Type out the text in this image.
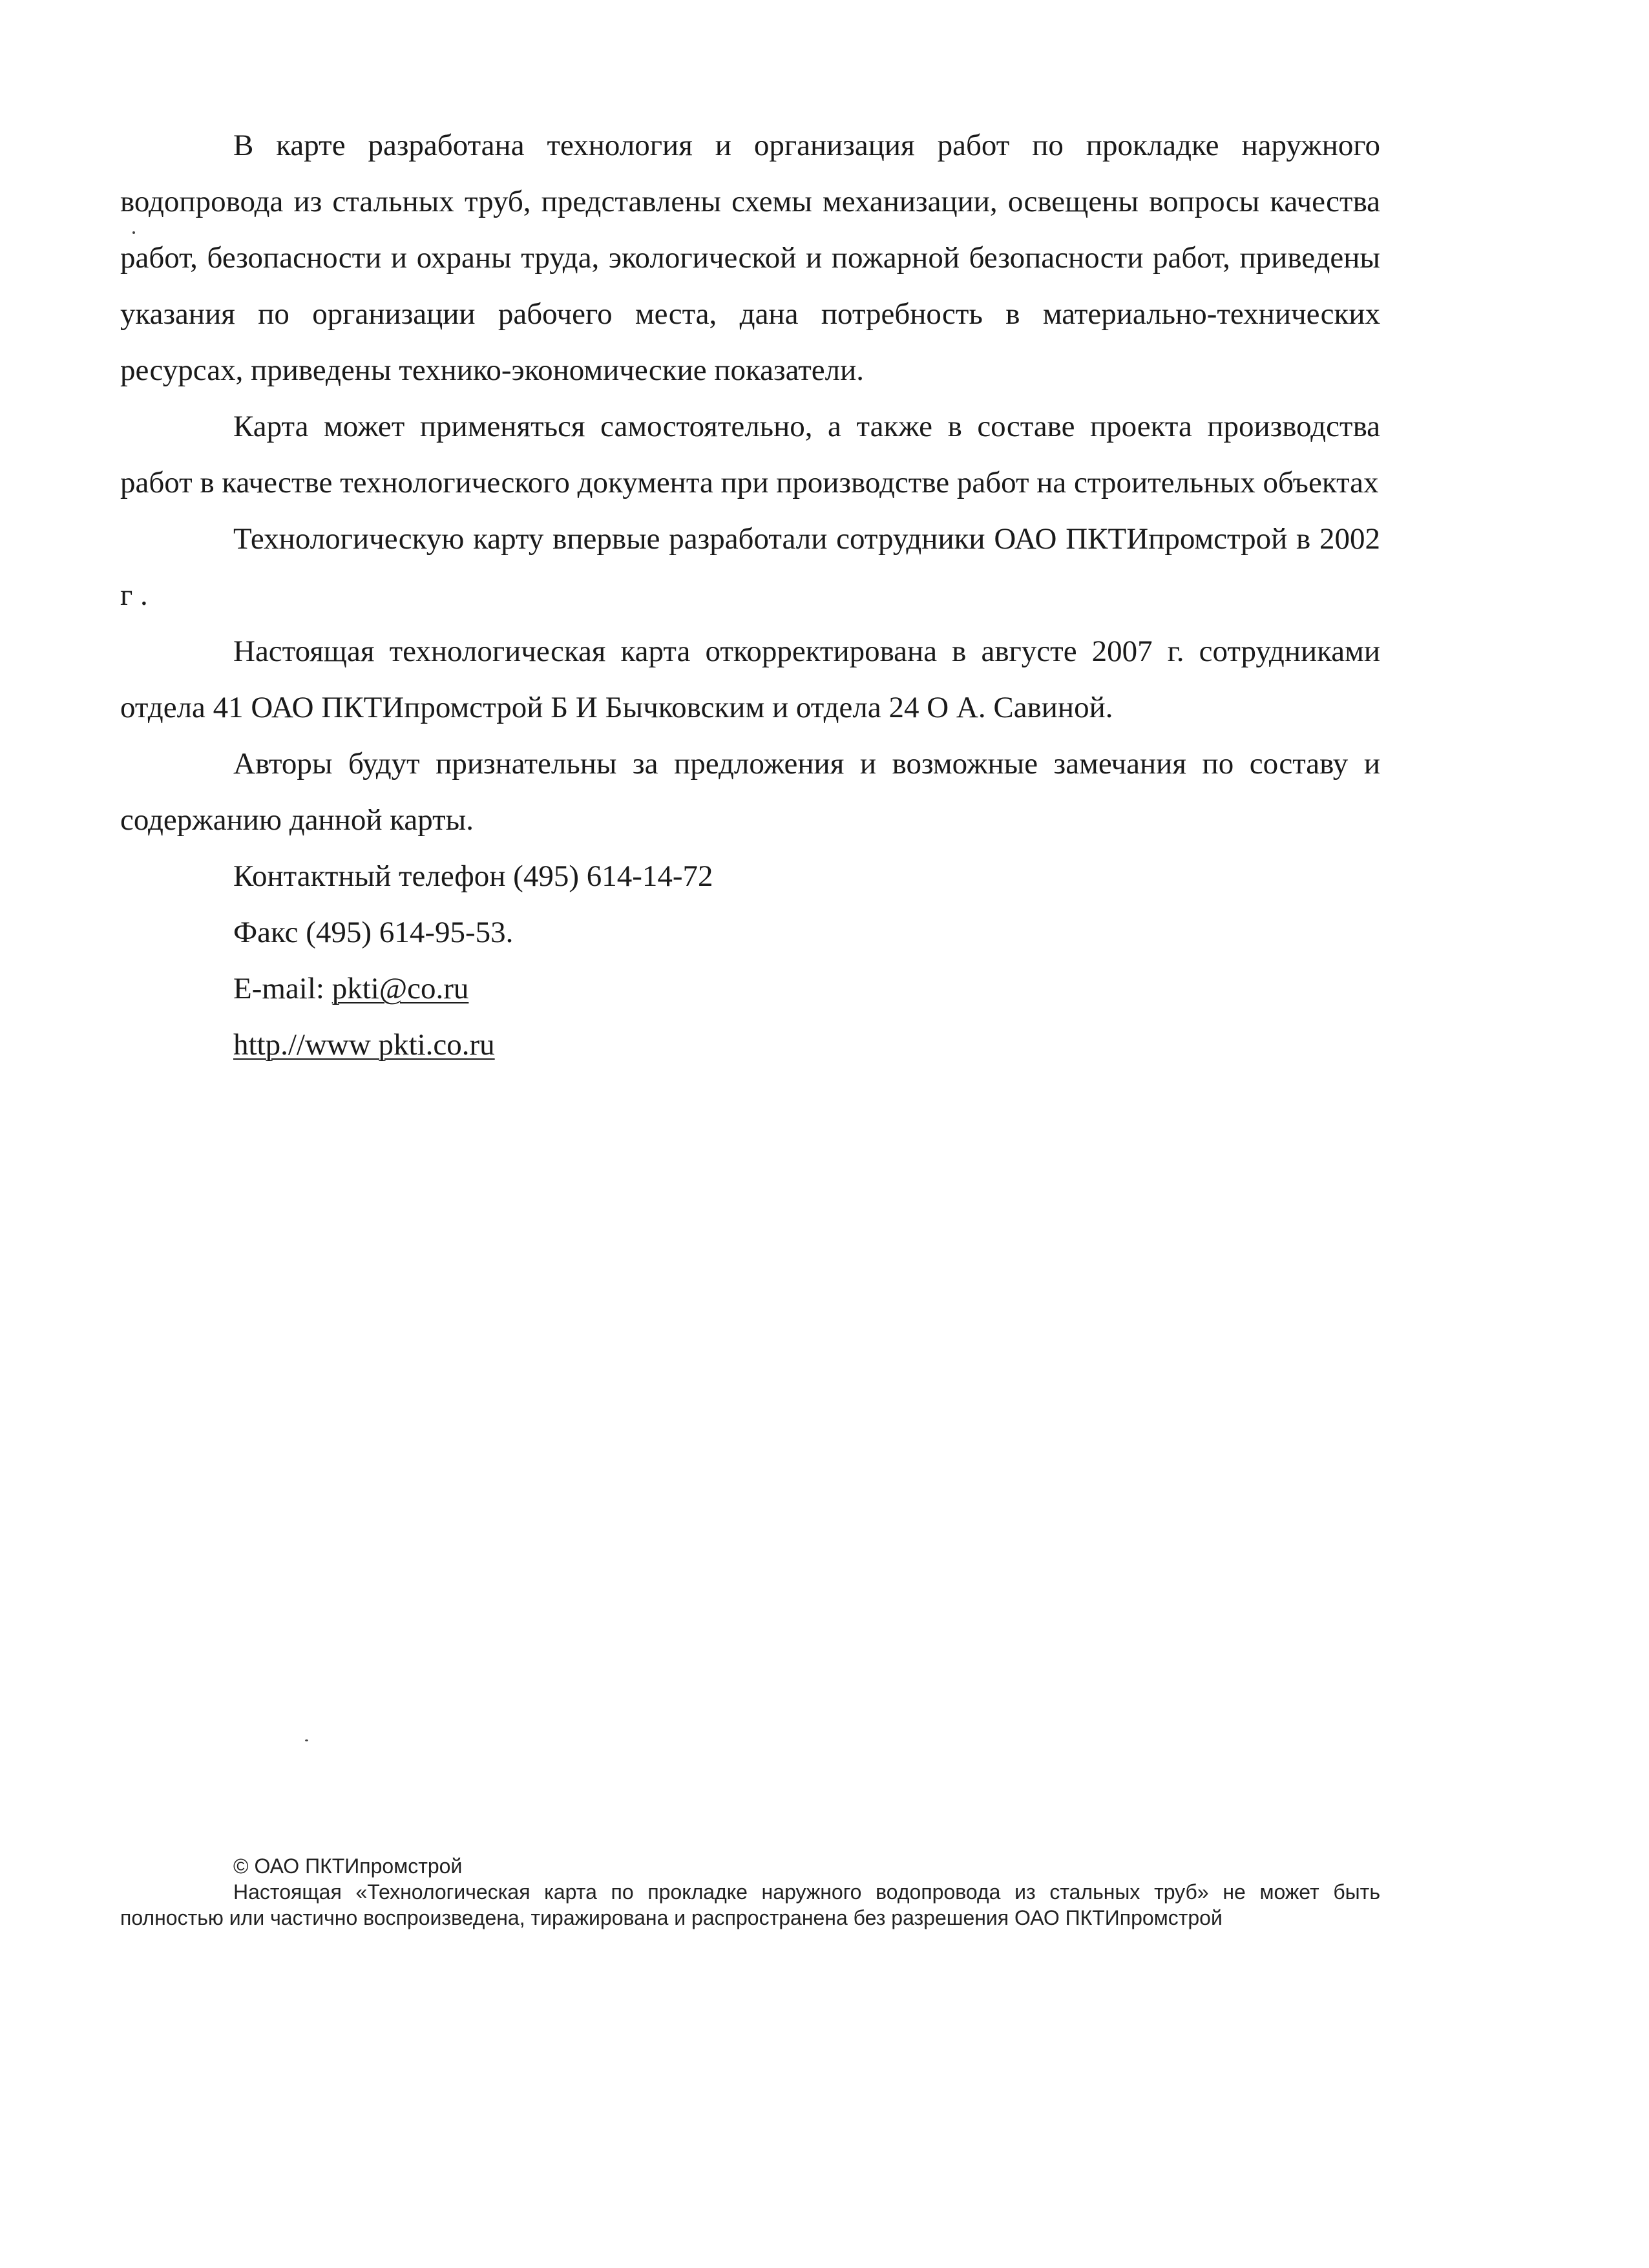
В карте разработана технология и организация работ по прокладке наружного водопровода из стальных труб, представлены схемы механизации, освещены вопросы качества работ, безопасности и охраны труда, экологической и пожарной безопасности работ, приведены указания по организации рабочего места, дана потребность в материально-технических ресурсах, приведены технико-экономические показатели.

Карта может применяться самостоятельно, а также в составе проекта производства работ в качестве технологического документа при производстве работ на строительных объектах

Технологическую карту впервые разработали сотрудники ОАО ПКТИпромстрой в 2002 г .

Настоящая технологическая карта откорректирована в августе 2007 г. сотрудниками отдела 41 ОАО ПКТИпромстрой Б И Бычковским и отдела 24 О А. Савиной.

Авторы будут признательны за предложения и возможные замечания по составу и содержанию данной карты.

Контактный телефон (495) 614-14-72

Факс (495) 614-95-53.

E-mail: pkti@co.ru

http.//www pkti.co.ru

© ОАО ПКТИпромстрой

Настоящая «Технологическая карта по прокладке наружного водопровода из стальных труб» не может быть полностью или частично воспроизведена, тиражирована и распространена без разрешения ОАО ПКТИпромстрой
